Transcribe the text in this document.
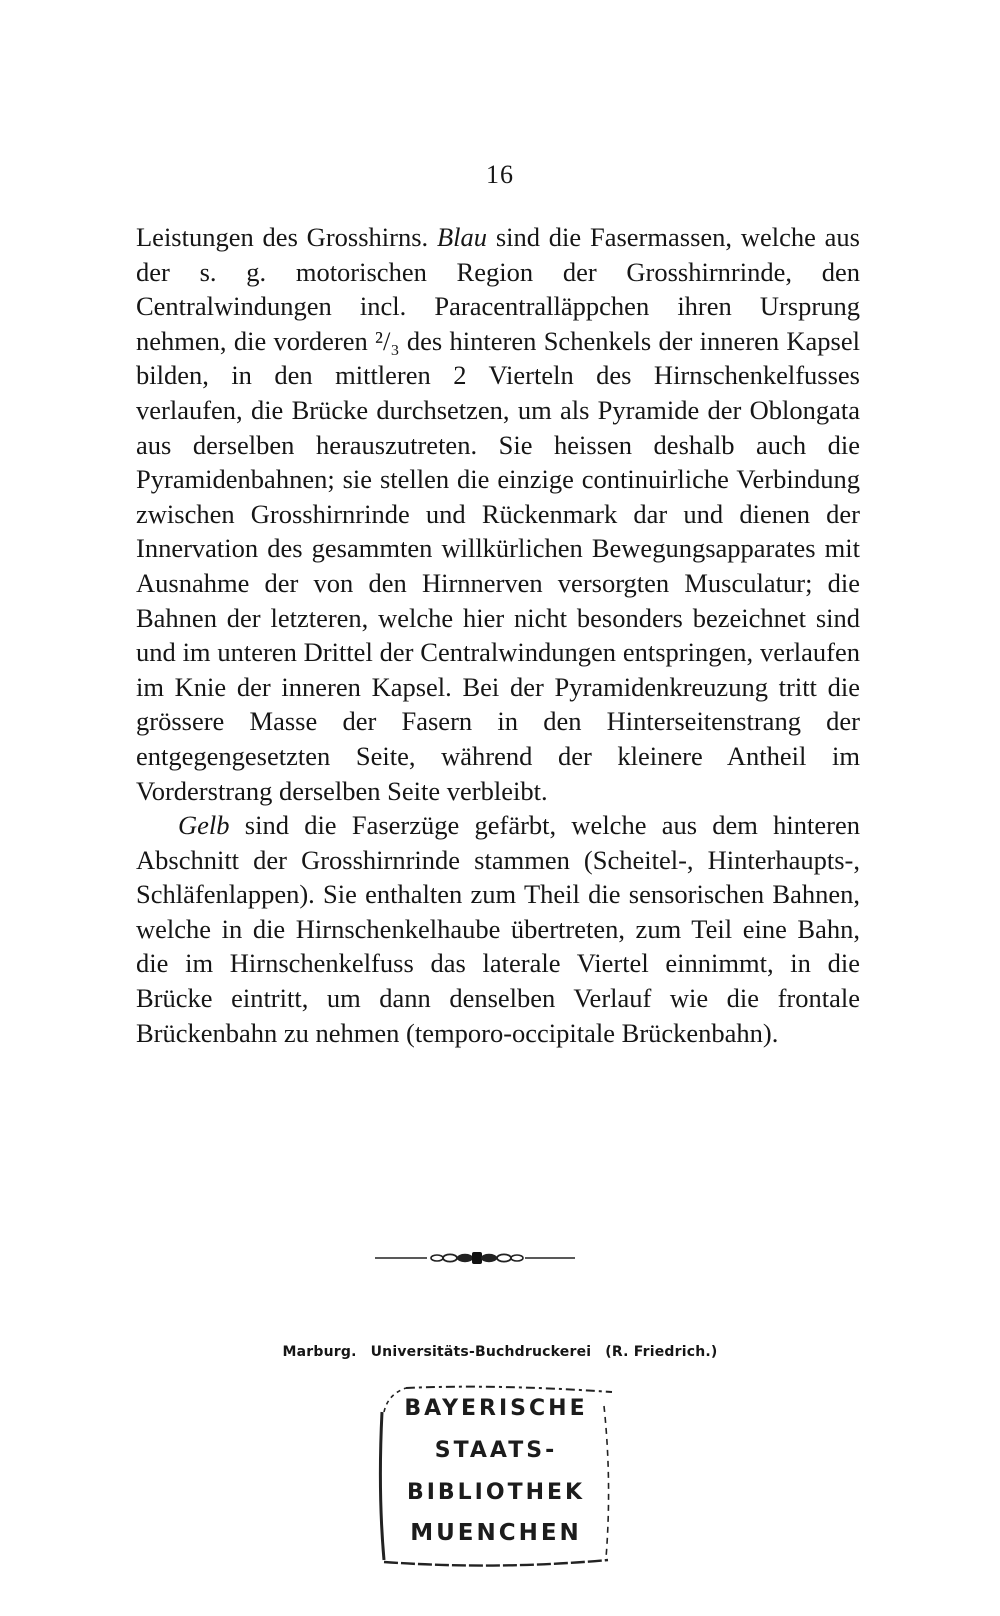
16

Leistungen des Grosshirns. Blau sind die Fasermassen, welche aus der s. g. motorischen Region der Grosshirnrinde, den Centralwindungen incl. Paracentralläppchen ihren Ursprung nehmen, die vorderen ²/₃ des hinteren Schenkels der inneren Kapsel bilden, in den mittleren 2 Vierteln des Hirnschenkelfusses verlaufen, die Brücke durchsetzen, um als Pyramide der Oblongata aus derselben herauszutreten. Sie heissen deshalb auch die Pyramidenbahnen; sie stellen die einzige continuirliche Verbindung zwischen Grosshirnrinde und Rückenmark dar und dienen der Innervation des gesammten willkürlichen Bewegungsapparates mit Ausnahme der von den Hirnnerven versorgten Musculatur; die Bahnen der letzteren, welche hier nicht besonders bezeichnet sind und im unteren Drittel der Centralwindungen entspringen, verlaufen im Knie der inneren Kapsel. Bei der Pyramidenkreuzung tritt die grössere Masse der Fasern in den Hinterseitenstrang der entgegengesetzten Seite, während der kleinere Antheil im Vorderstrang derselben Seite verbleibt.

Gelb sind die Faserzüge gefärbt, welche aus dem hinteren Abschnitt der Grosshirnrinde stammen (Scheitel-, Hinterhaupts-, Schläfenlappen). Sie enthalten zum Theil die sensorischen Bahnen, welche in die Hirnschenkelhaube übertreten, zum Teil eine Bahn, die im Hirnschenkelfuss das laterale Viertel einnimmt, in die Brücke eintritt, um dann denselben Verlauf wie die frontale Brückenbahn zu nehmen (temporo-occipitale Brückenbahn).

Marburg. Universitäts-Buchdruckerei (R. Friedrich.)
BAYERISCHE
STAATS-
BIBLIOTHEK
MUENCHEN
